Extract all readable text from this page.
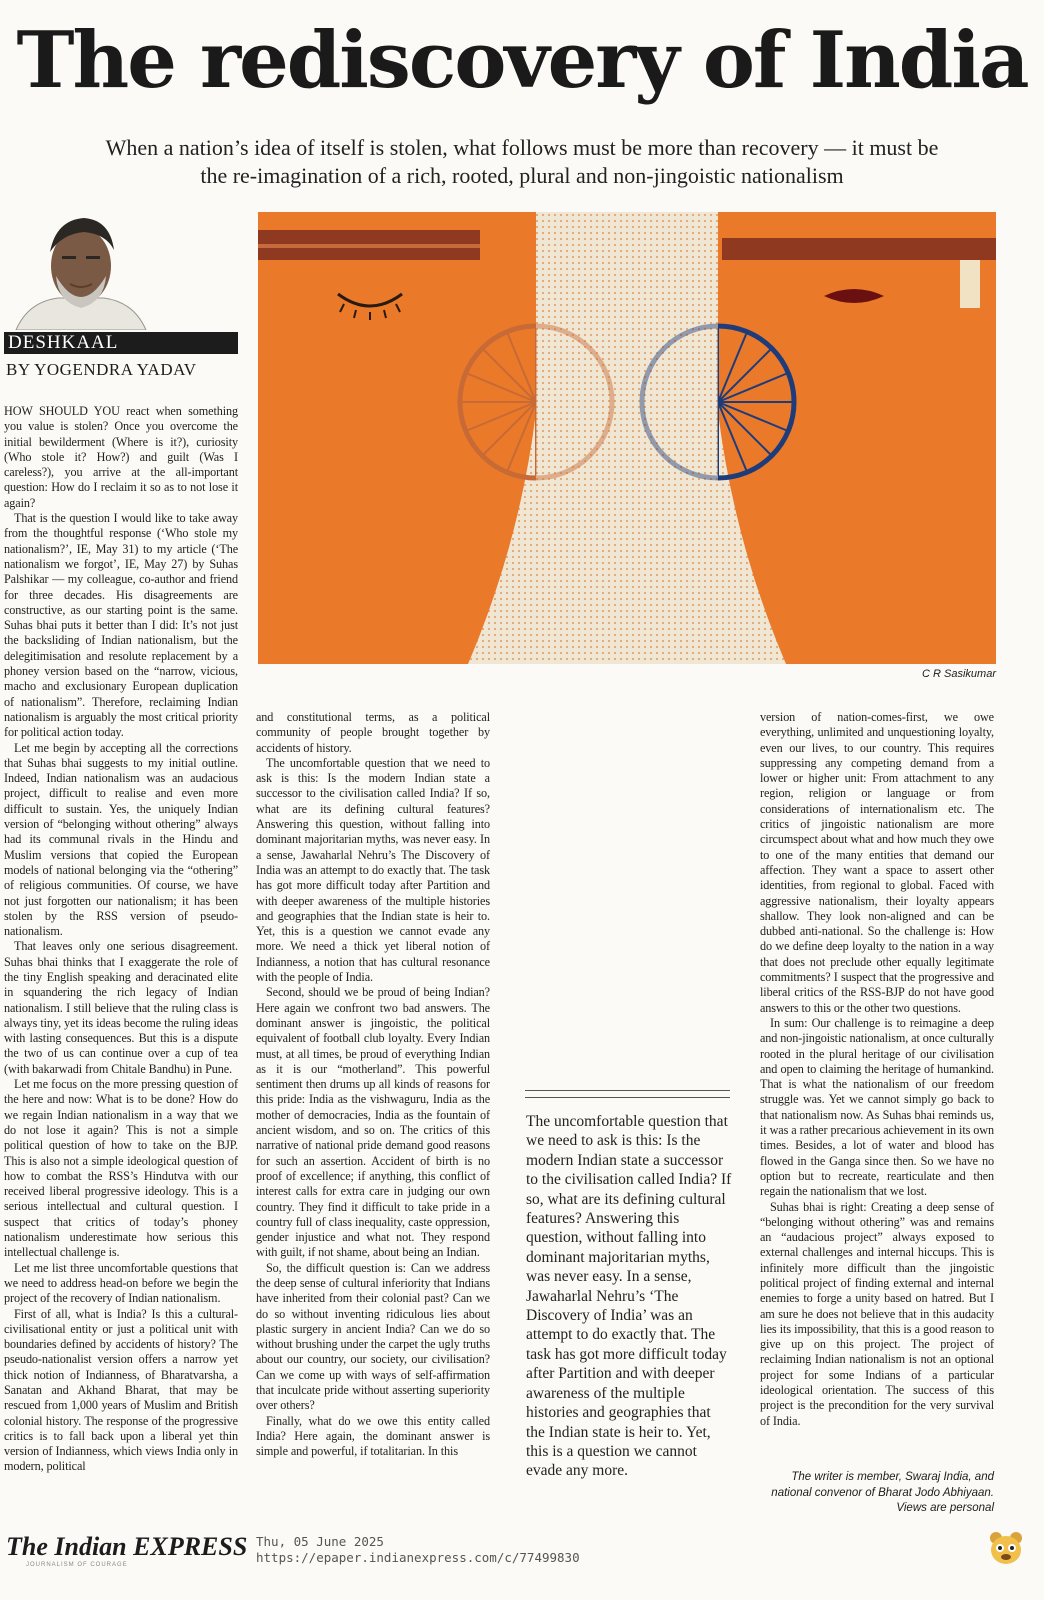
The rediscovery of India
When a nation’s idea of itself is stolen, what follows must be more than recovery — it must be the re-imagination of a rich, rooted, plural and non-jingoistic nationalism
DESHKAAL
BY YOGENDRA YADAV
C R Sasikumar

HOW SHOULD YOU react when something you value is stolen? Once you overcome the initial bewilderment (Where is it?), curiosity (Who stole it? How?) and guilt (Was I careless?), you arrive at the all-important question: How do I reclaim it so as to not lose it again?

That is the question I would like to take away from the thoughtful response (‘Who stole my nationalism?’, IE, May 31) to my article (‘The nationalism we forgot’, IE, May 27) by Suhas Palshikar — my colleague, co-author and friend for three decades. His disagreements are constructive, as our starting point is the same. Suhas bhai puts it better than I did: It’s not just the backsliding of Indian nationalism, but the delegitimisation and resolute replacement by a phoney version based on the “narrow, vicious, macho and exclusionary European duplication of nationalism”. Therefore, reclaiming Indian nationalism is arguably the most critical priority for political action today.

Let me begin by accepting all the corrections that Suhas bhai suggests to my initial outline. Indeed, Indian nationalism was an audacious project, difficult to realise and even more difficult to sustain. Yes, the uniquely Indian version of “belonging without othering” always had its communal rivals in the Hindu and Muslim versions that copied the European models of national belonging via the “othering” of religious communities. Of course, we have not just forgotten our nationalism; it has been stolen by the RSS version of pseudo-nationalism.

That leaves only one serious disagreement. Suhas bhai thinks that I exaggerate the role of the tiny English speaking and deracinated elite in squandering the rich legacy of Indian nationalism. I still believe that the ruling class is always tiny, yet its ideas become the ruling ideas with lasting consequences. But this is a dispute the two of us can continue over a cup of tea (with bakarwadi from Chitale Bandhu) in Pune.

Let me focus on the more pressing question of the here and now: What is to be done? How do we regain Indian nationalism in a way that we do not lose it again? This is not a simple political question of how to take on the BJP. This is also not a simple ideological question of how to combat the RSS’s Hindutva with our received liberal progressive ideology. This is a serious intellectual and cultural question. I suspect that critics of today’s phoney nationalism underestimate how serious this intellectual challenge is.

Let me list three uncomfortable questions that we need to address head-on before we begin the project of the recovery of Indian nationalism.

First of all, what is India? Is this a cultural-civilisational entity or just a political unit with boundaries defined by accidents of history? The pseudo-nationalist version offers a narrow yet thick notion of Indianness, of Bharatvarsha, a Sanatan and Akhand Bharat, that may be rescued from 1,000 years of Muslim and British colonial history. The response of the progressive critics is to fall back upon a liberal yet thin version of Indianness, which views India only in modern, political

and constitutional terms, as a political community of people brought together by accidents of history.

The uncomfortable question that we need to ask is this: Is the modern Indian state a successor to the civilisation called India? If so, what are its defining cultural features? Answering this question, without falling into dominant majoritarian myths, was never easy. In a sense, Jawaharlal Nehru’s The Discovery of India was an attempt to do exactly that. The task has got more difficult today after Partition and with deeper awareness of the multiple histories and geographies that the Indian state is heir to. Yet, this is a question we cannot evade any more. We need a thick yet liberal notion of Indianness, a notion that has cultural resonance with the people of India.

Second, should we be proud of being Indian? Here again we confront two bad answers. The dominant answer is jingoistic, the political equivalent of football club loyalty. Every Indian must, at all times, be proud of everything Indian as it is our “motherland”. This powerful sentiment then drums up all kinds of reasons for this pride: India as the vishwaguru, India as the mother of democracies, India as the fountain of ancient wisdom, and so on. The critics of this narrative of national pride demand good reasons for such an assertion. Accident of birth is no proof of excellence; if anything, this conflict of interest calls for extra care in judging our own country. They find it difficult to take pride in a country full of class inequality, caste oppression, gender injustice and what not. They respond with guilt, if not shame, about being an Indian.

So, the difficult question is: Can we address the deep sense of cultural inferiority that Indians have inherited from their colonial past? Can we do so without inventing ridiculous lies about plastic surgery in ancient India? Can we do so without brushing under the carpet the ugly truths about our country, our society, our civilisation? Can we come up with ways of self-affirmation that inculcate pride without asserting superiority over others?

Finally, what do we owe this entity called India? Here again, the dominant answer is simple and powerful, if totalitarian. In this

The uncomfortable question that we need to ask is this: Is the modern Indian state a successor to the civilisation called India? If so, what are its defining cultural features? Answering this question, without falling into dominant majoritarian myths, was never easy. In a sense, Jawaharlal Nehru’s ‘The Discovery of India’ was an attempt to do exactly that. The task has got more difficult today after Partition and with deeper awareness of the multiple histories and geographies that the Indian state is heir to. Yet, this is a question we cannot evade any more.

version of nation-comes-first, we owe everything, unlimited and unquestioning loyalty, even our lives, to our country. This requires suppressing any competing demand from a lower or higher unit: From attachment to any region, religion or language or from considerations of internationalism etc. The critics of jingoistic nationalism are more circumspect about what and how much they owe to one of the many entities that demand our affection. They want a space to assert other identities, from regional to global. Faced with aggressive nationalism, their loyalty appears shallow. They look non-aligned and can be dubbed anti-national. So the challenge is: How do we define deep loyalty to the nation in a way that does not preclude other equally legitimate commitments? I suspect that the progressive and liberal critics of the RSS-BJP do not have good answers to this or the other two questions.

In sum: Our challenge is to reimagine a deep and non-jingoistic nationalism, at once culturally rooted in the plural heritage of our civilisation and open to claiming the heritage of humankind. That is what the nationalism of our freedom struggle was. Yet we cannot simply go back to that nationalism now. As Suhas bhai reminds us, it was a rather precarious achievement in its own times. Besides, a lot of water and blood has flowed in the Ganga since then. So we have no option but to recreate, rearticulate and then regain the nationalism that we lost.

Suhas bhai is right: Creating a deep sense of “belonging without othering” was and remains an “audacious project” always exposed to external challenges and internal hiccups. This is infinitely more difficult than the jingoistic political project of finding external and internal enemies to forge a unity based on hatred. But I am sure he does not believe that in this audacity lies its impossibility, that this is a good reason to give up on this project. The project of reclaiming Indian nationalism is not an optional project for some Indians of a particular ideological orientation. The success of this project is the precondition for the very survival of India.

The writer is member, Swaraj India, and national convenor of Bharat Jodo Abhiyaan. Views are personal
The Indian EXPRESS
JOURNALISM OF COURAGE
Thu, 05 June 2025
https://epaper.indianexpress.com/c/77499830
